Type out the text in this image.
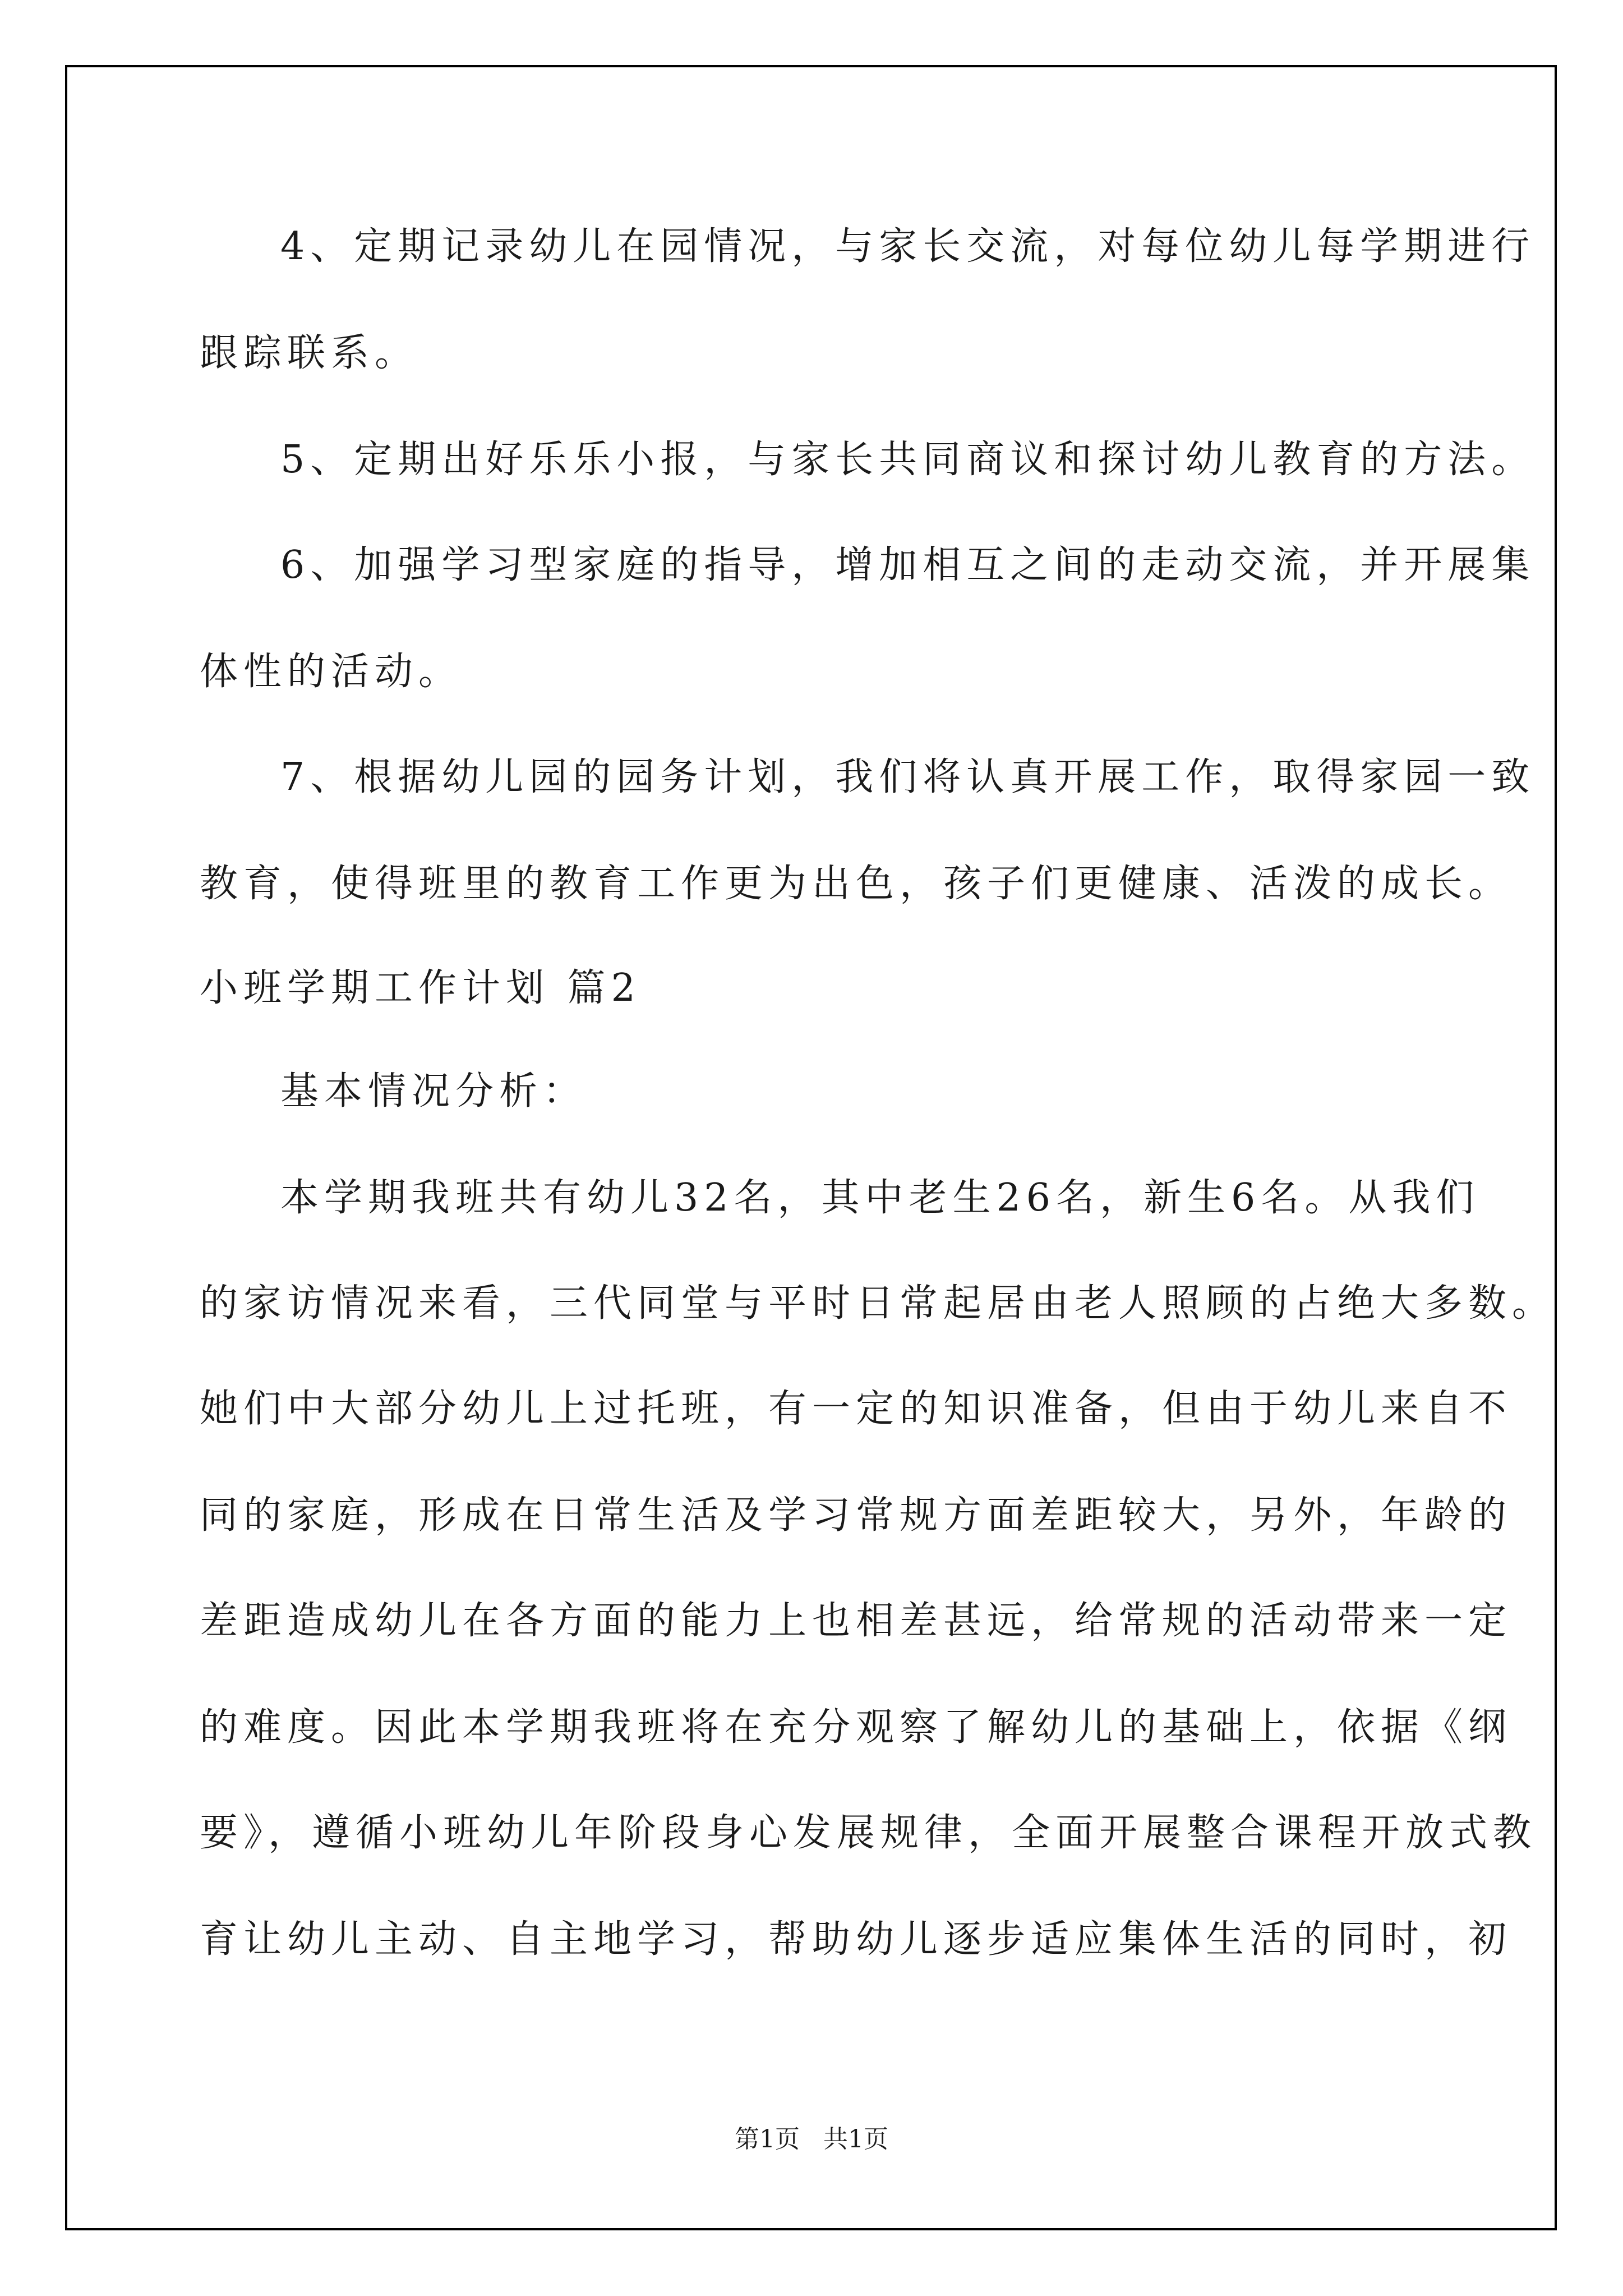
4、定期记录幼儿在园情况，与家长交流，对每位幼儿每学期进行
跟踪联系。
5、定期出好乐乐小报，与家长共同商议和探讨幼儿教育的方法。
6、加强学习型家庭的指导，增加相互之间的走动交流，并开展集
体性的活动。
7、根据幼儿园的园务计划，我们将认真开展工作，取得家园一致
教育，使得班里的教育工作更为出色，孩子们更健康、活泼的成长。
小班学期工作计划 篇2
基本情况分析：
本学期我班共有幼儿32名，其中老生26名，新生6名。从我们
的家访情况来看，三代同堂与平时日常起居由老人照顾的占绝大多数。
她们中大部分幼儿上过托班，有一定的知识准备，但由于幼儿来自不
同的家庭，形成在日常生活及学习常规方面差距较大，另外，年龄的
差距造成幼儿在各方面的能力上也相差甚远，给常规的活动带来一定
的难度。因此本学期我班将在充分观察了解幼儿的基础上，依据《纲
要》，遵循小班幼儿年阶段身心发展规律，全面开展整合课程开放式教
育让幼儿主动、自主地学习，帮助幼儿逐步适应集体生活的同时，初
第1页 共1页
